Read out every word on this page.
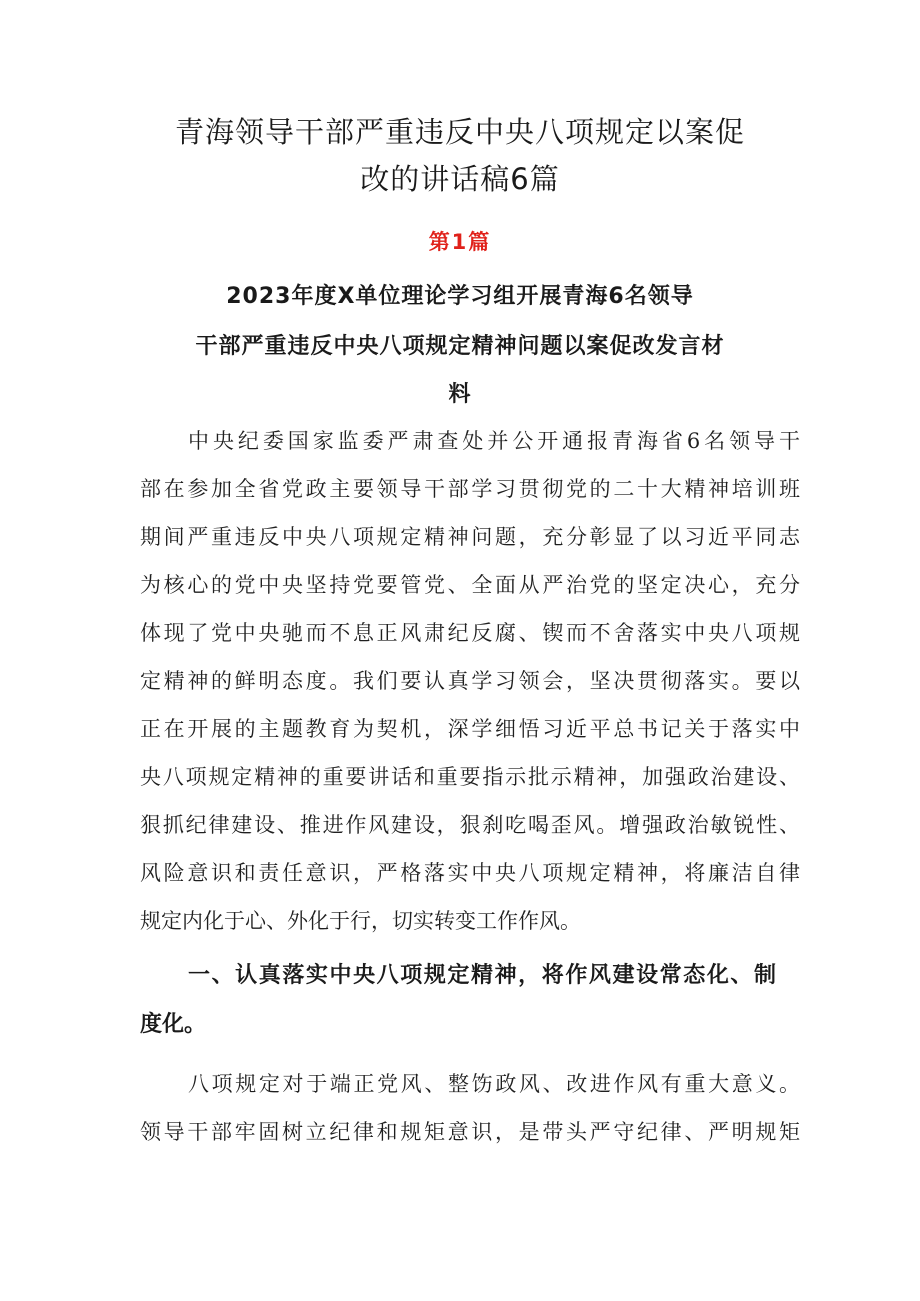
青海领导干部严重违反中央八项规定以案促
改的讲话稿6篇
第1篇
2023年度X单位理论学习组开展青海6名领导
干部严重违反中央八项规定精神问题以案促改发言材
料
中央纪委国家监委严肃查处并公开通报青海省6名领导干
部在参加全省党政主要领导干部学习贯彻党的二十大精神培训班
期间严重违反中央八项规定精神问题，充分彰显了以习近平同志
为核心的党中央坚持党要管党、全面从严治党的坚定决心，充分
体现了党中央驰而不息正风肃纪反腐、锲而不舍落实中央八项规
定精神的鲜明态度。我们要认真学习领会，坚决贯彻落实。要以
正在开展的主题教育为契机，深学细悟习近平总书记关于落实中
央八项规定精神的重要讲话和重要指示批示精神，加强政治建设、
狠抓纪律建设、推进作风建设，狠刹吃喝歪风。增强政治敏锐性、
风险意识和责任意识，严格落实中央八项规定精神，将廉洁自律
规定内化于心、外化于行，切实转变工作作风。
一、认真落实中央八项规定精神，将作风建设常态化、制
度化。
八项规定对于端正党风、整饬政风、改进作风有重大意义。
领导干部牢固树立纪律和规矩意识，是带头严守纪律、严明规矩
